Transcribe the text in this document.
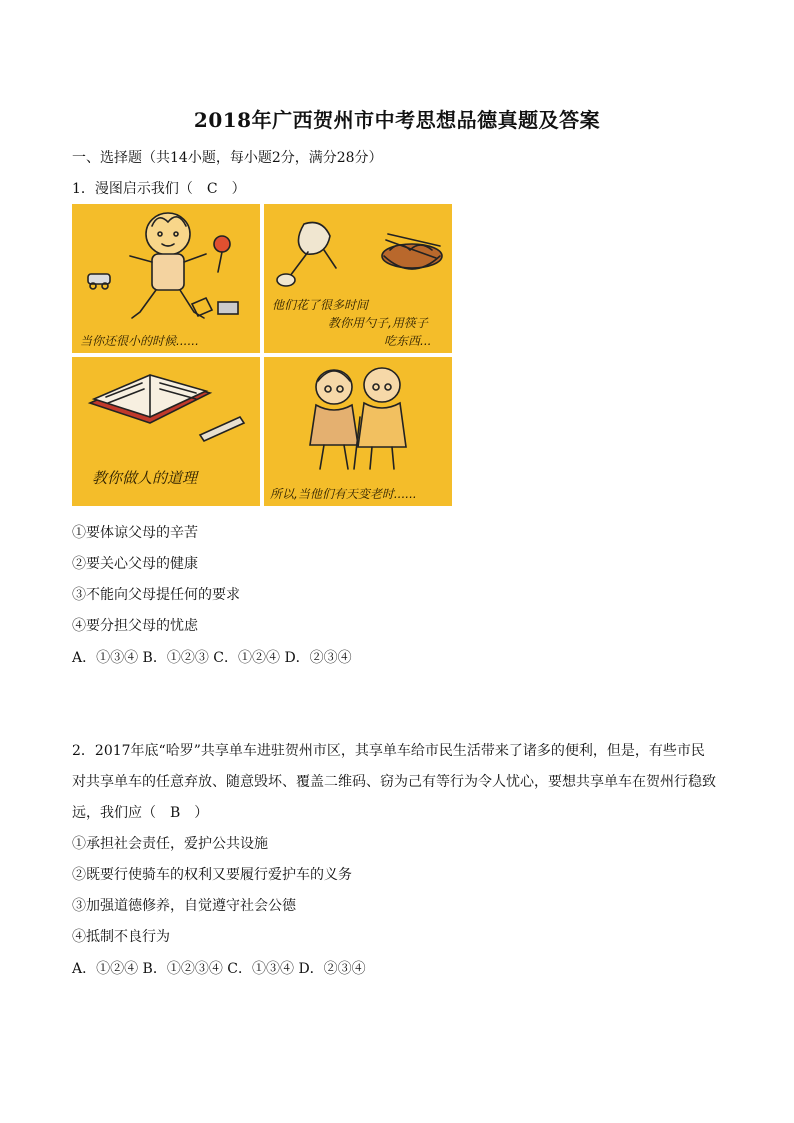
2018年广西贺州市中考思想品德真题及答案
一、选择题（共14小题，每小题2分，满分28分）
1．漫图启示我们（　C　）
当你还很小的时候......
他们花了很多时间
教你用勺子,用筷子
吃东西...
教你做人的道理
所以,当他们有天变老时......
①要体谅父母的辛苦
②要关心父母的健康
③不能向父母提任何的要求
④要分担父母的忧虑
A．①③④ B．①②③ C．①②④ D．②③④
2．2017年底“哈罗”共享单车进驻贺州市区，其享单车给市民生活带来了诸多的便利，但是，有些市民
对共享单车的任意弃放、随意毁坏、覆盖二维码、窃为己有等行为令人忧心，要想共享单车在贺州行稳致
远，我们应（　B　）
①承担社会责任，爱护公共设施
②既要行使骑车的权利又要履行爱护车的义务
③加强道德修养，自觉遵守社会公德
④抵制不良行为
A．①②④ B．①②③④ C．①③④ D．②③④
